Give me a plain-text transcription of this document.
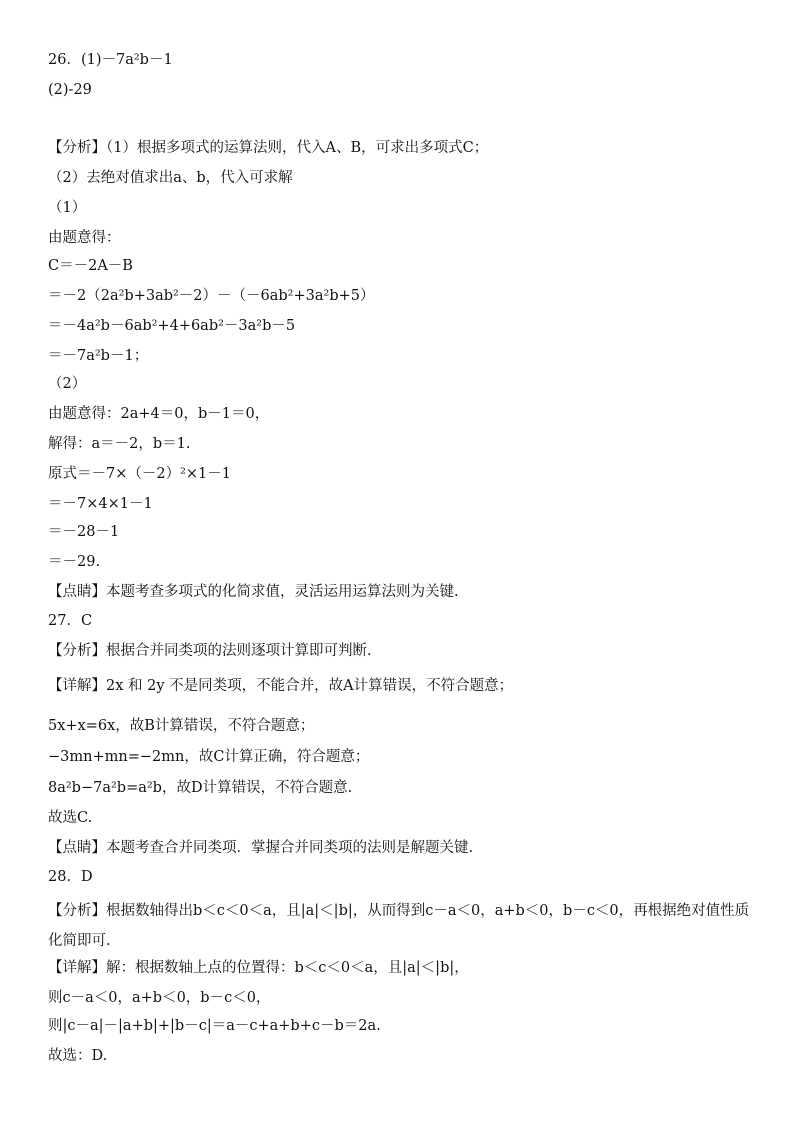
26．(1)－7a²b－1
(2)-29
【分析】（1）根据多项式的运算法则，代入A、B，可求出多项式C；
（2）去绝对值求出a、b，代入可求解
（1）
由题意得：
C＝－2A－B
＝－2（2a²b+3ab²－2）－（－6ab²+3a²b+5）
＝－4a²b－6ab²+4+6ab²－3a²b－5
＝－7a²b－1；
（2）
由题意得：2a+4＝0，b－1＝0，
解得：a＝－2，b＝1.
原式＝－7×（－2）²×1－1
＝－7×4×1－1
＝－28－1
＝－29.
【点睛】本题考查多项式的化简求值，灵活运用运算法则为关键.
27．C
【分析】根据合并同类项的法则逐项计算即可判断.
【详解】2x 和 2y 不是同类项，不能合并，故A计算错误，不符合题意；
5x+x=6x，故B计算错误，不符合题意；
−3mn+mn=−2mn，故C计算正确，符合题意；
8a²b−7a²b=a²b，故D计算错误，不符合题意.
故选C.
【点睛】本题考查合并同类项．掌握合并同类项的法则是解题关键.
28．D
【分析】根据数轴得出b＜c＜0＜a，且|a|＜|b|，从而得到c－a＜0，a+b＜0，b－c＜0，再根据绝对值性质化简即可.
【详解】解：根据数轴上点的位置得：b＜c＜0＜a，且|a|＜|b|，
则c－a＜0，a+b＜0，b－c＜0，
则|c－a|－|a+b|+|b－c|＝a－c+a+b+c－b＝2a.
故选：D.
